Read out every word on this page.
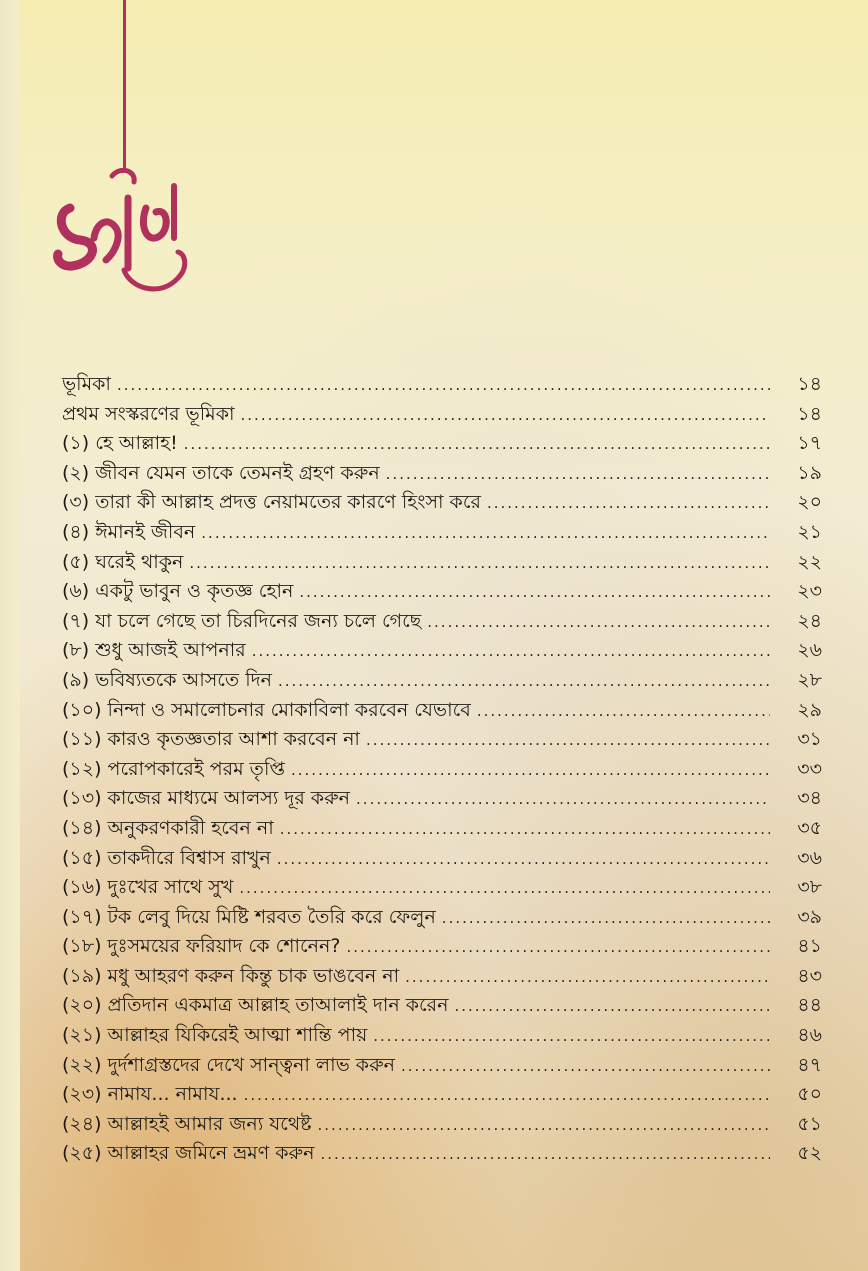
সূচি
ভূমিকা .....	১৪
প্রথম সংস্করণের ভূমিকা .....	১৪
(১) হে আল্লাহ! .....	১৭
(২) জীবন যেমন তাকে তেমনই গ্রহণ করুন .....	১৯
(৩) তারা কী আল্লাহ প্রদত্ত নেয়ামতের কারণে হিংসা করে .....	২০
(৪) ঈমানই জীবন .....	২১
(৫) ঘরেই থাকুন .....	২২
(৬) একটু ভাবুন ও কৃতজ্ঞ হোন .....	২৩
(৭) যা চলে গেছে তা চিরদিনের জন্য চলে গেছে .....	২৪
(৮) শুধু আজই আপনার .....	২৬
(৯) ভবিষ্যতকে আসতে দিন .....	২৮
(১০) নিন্দা ও সমালোচনার মোকাবিলা করবেন যেভাবে .....	২৯
(১১) কারও কৃতজ্ঞতার আশা করবেন না .....	৩১
(১২) পরোপকারেই পরম তৃপ্তি .....	৩৩
(১৩) কাজের মাধ্যমে আলস্য দূর করুন .....	৩৪
(১৪) অনুকরণকারী হবেন না .....	৩৫
(১৫) তাকদীরে বিশ্বাস রাখুন .....	৩৬
(১৬) দুঃখের সাথে সুখ .....	৩৮
(১৭) টক লেবু দিয়ে মিষ্টি শরবত তৈরি করে ফেলুন .....	৩৯
(১৮) দুঃসময়ের ফরিয়াদ কে শোনেন? .....	৪১
(১৯) মধু আহরণ করুন কিন্তু চাক ভাঙবেন না .....	৪৩
(২০) প্রতিদান একমাত্র আল্লাহ তাআলাই দান করেন .....	৪৪
(২১) আল্লাহর যিকিরেই আত্মা শান্তি পায় .....	৪৬
(২২) দুর্দশাগ্রস্তদের দেখে সান্ত্বনা লাভ করুন .....	৪৭
(২৩) নামায... নামায... .....	৫০
(২৪) আল্লাহই আমার জন্য যথেষ্ট .....	৫১
(২৫) আল্লাহর জমিনে ভ্রমণ করুন .....	৫২
